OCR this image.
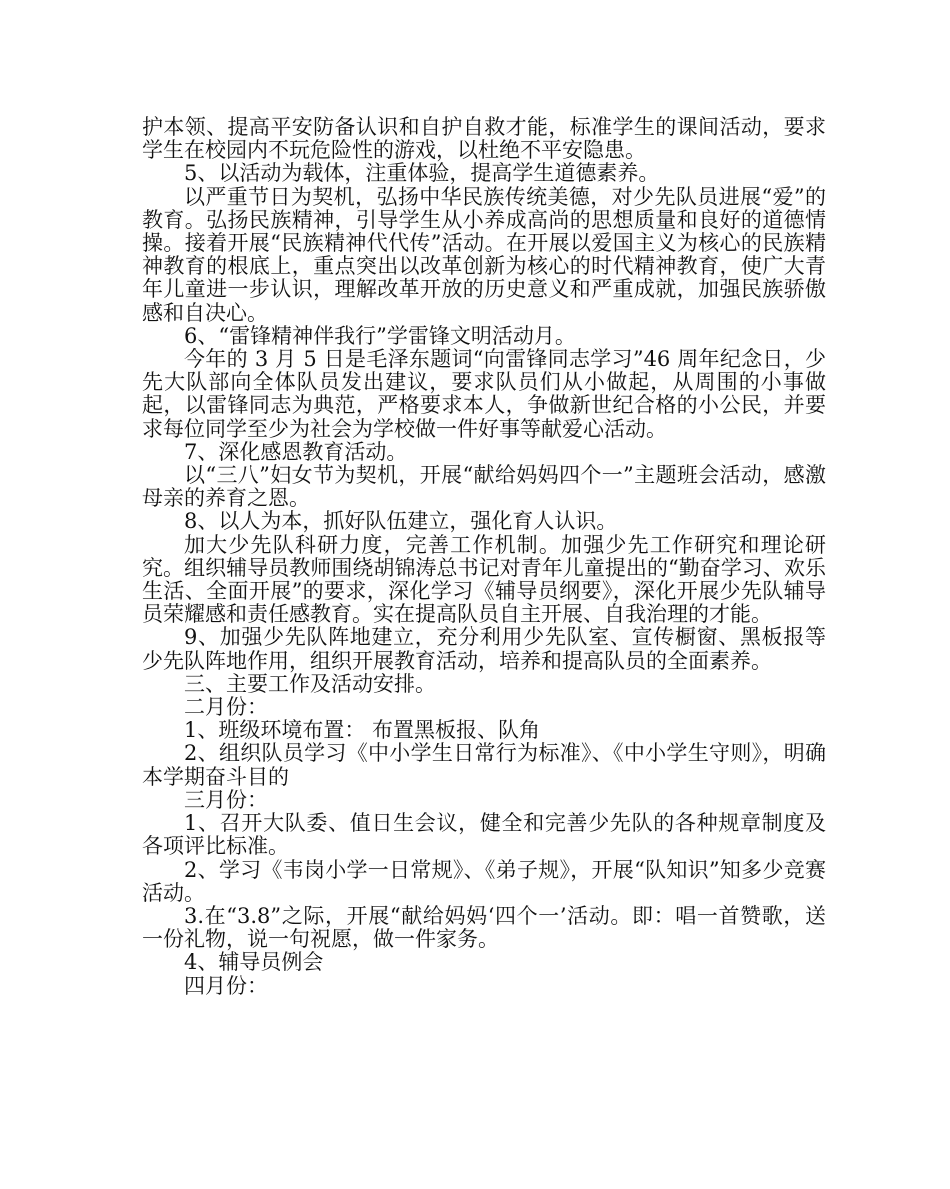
护本领、提高平安防备认识和自护自救才能，标准学生的课间活动，要求学生在校园内不玩危险性的游戏，以杜绝不平安隐患。

5、以活动为载体，注重体验，提高学生道德素养。

以严重节日为契机，弘扬中华民族传统美德，对少先队员进展“爱”的教育。弘扬民族精神，引导学生从小养成高尚的思想质量和良好的道德情操。接着开展“民族精神代代传”活动。在开展以爱国主义为核心的民族精神教育的根底上，重点突出以改革创新为核心的时代精神教育，使广大青年儿童进一步认识，理解改革开放的历史意义和严重成就，加强民族骄傲感和自决心。

6、“雷锋精神伴我行”学雷锋文明活动月。

今年的 3 月 5 日是毛泽东题词“向雷锋同志学习”46 周年纪念日，少先大队部向全体队员发出建议，要求队员们从小做起，从周围的小事做起，以雷锋同志为典范，严格要求本人，争做新世纪合格的小公民，并要求每位同学至少为社会为学校做一件好事等献爱心活动。

7、深化感恩教育活动。

以“三八”妇女节为契机，开展“献给妈妈四个一”主题班会活动，感激母亲的养育之恩。

8、以人为本，抓好队伍建立，强化育人认识。

加大少先队科研力度，完善工作机制。加强少先工作研究和理论研究。组织辅导员教师围绕胡锦涛总书记对青年儿童提出的“勤奋学习、欢乐生活、全面开展”的要求，深化学习《辅导员纲要》，深化开展少先队辅导员荣耀感和责任感教育。实在提高队员自主开展、自我治理的才能。

9、加强少先队阵地建立，充分利用少先队室、宣传橱窗、黑板报等少先队阵地作用，组织开展教育活动，培养和提高队员的全面素养。

三、主要工作及活动安排。

二月份：

1、班级环境布置： 布置黑板报、队角

2、组织队员学习《中小学生日常行为标准》、《中小学生守则》，明确本学期奋斗目的

三月份：

1、召开大队委、值日生会议，健全和完善少先队的各种规章制度及各项评比标准。

2、学习《韦岗小学一日常规》、《弟子规》，开展“队知识”知多少竞赛活动。

3.在“3.8”之际，开展“献给妈妈‘四个一’活动。即：唱一首赞歌，送一份礼物，说一句祝愿，做一件家务。

4、辅导员例会

四月份：
